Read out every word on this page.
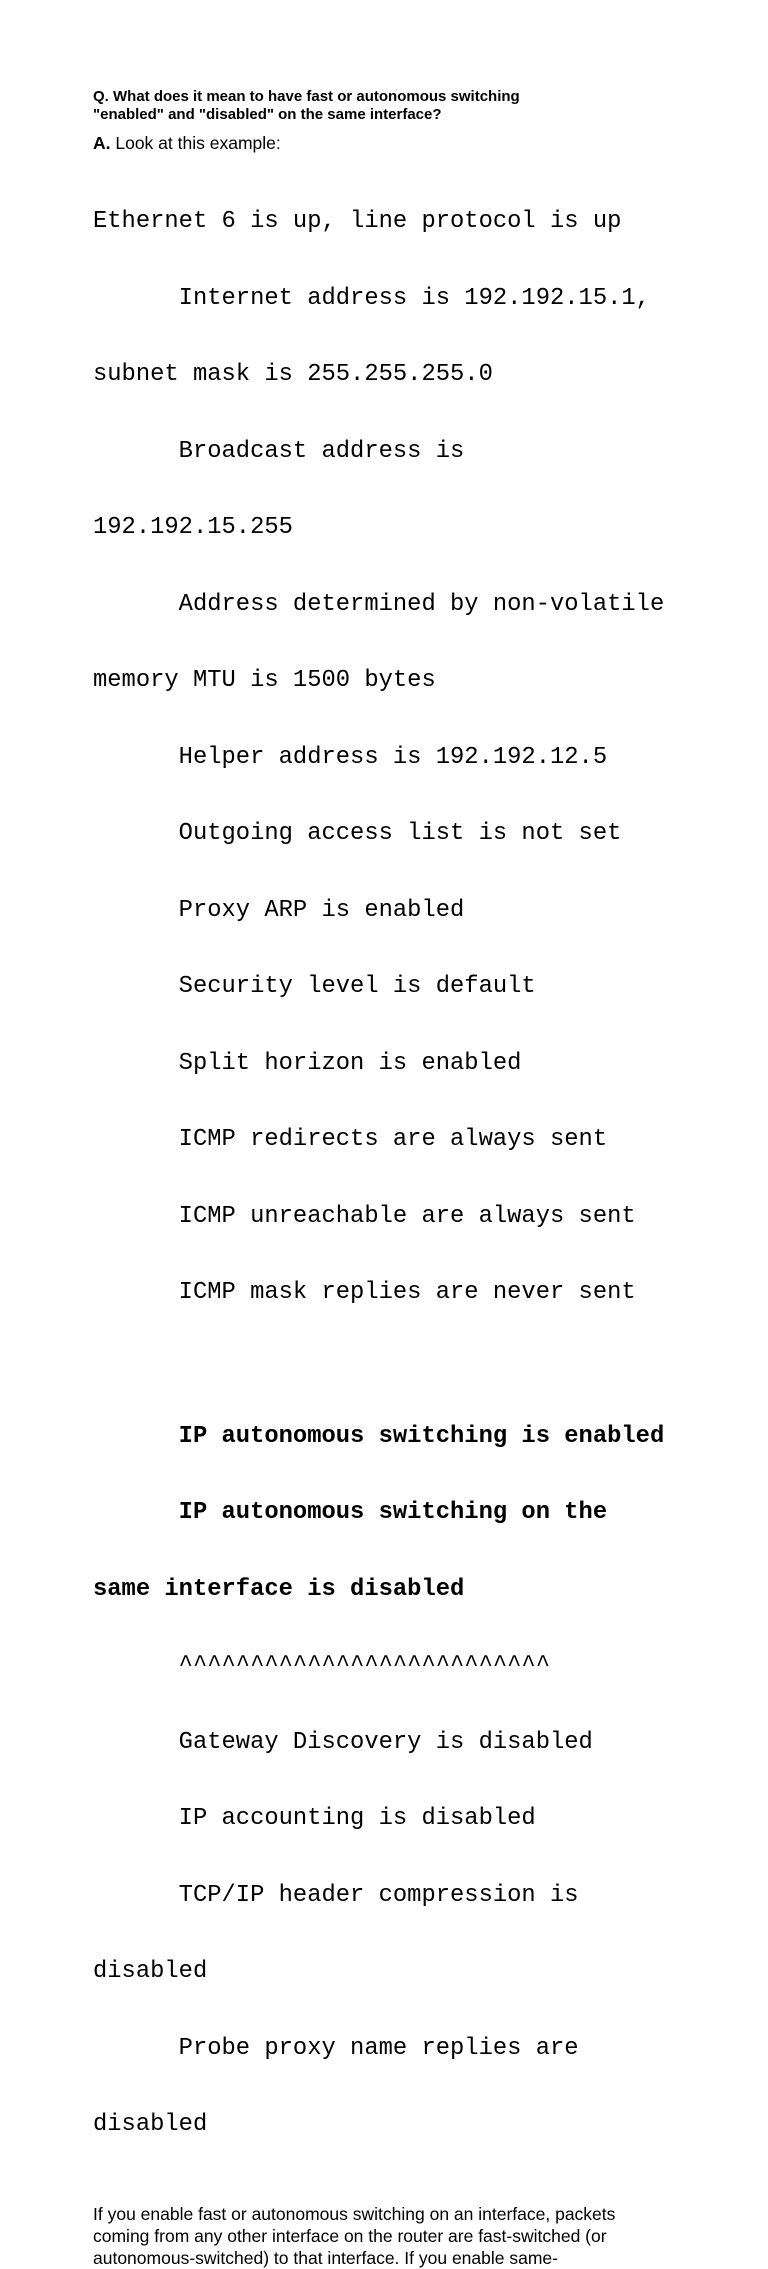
Q. What does it mean to have fast or autonomous switching
"enabled" and "disabled" on the same interface?

A. Look at this example:

Ethernet 6 is up, line protocol is up

Internet address is 192.192.15.1,

subnet mask is 255.255.255.0

Broadcast address is

192.192.15.255

Address determined by non-volatile

memory MTU is 1500 bytes

Helper address is 192.192.12.5

Outgoing access list is not set

Proxy ARP is enabled

Security level is default

Split horizon is enabled

ICMP redirects are always sent

ICMP unreachable are always sent

ICMP mask replies are never sent

IP autonomous switching is enabled

IP autonomous switching on the

same interface is disabled

^^^^^^^^^^^^^^^^^^^^^^^^^^

Gateway Discovery is disabled

IP accounting is disabled

TCP/IP header compression is

disabled

Probe proxy name replies are

disabled

If you enable fast or autonomous switching on an interface, packets
coming from any other interface on the router are fast-switched (or
autonomous-switched) to that interface. If you enable same-
